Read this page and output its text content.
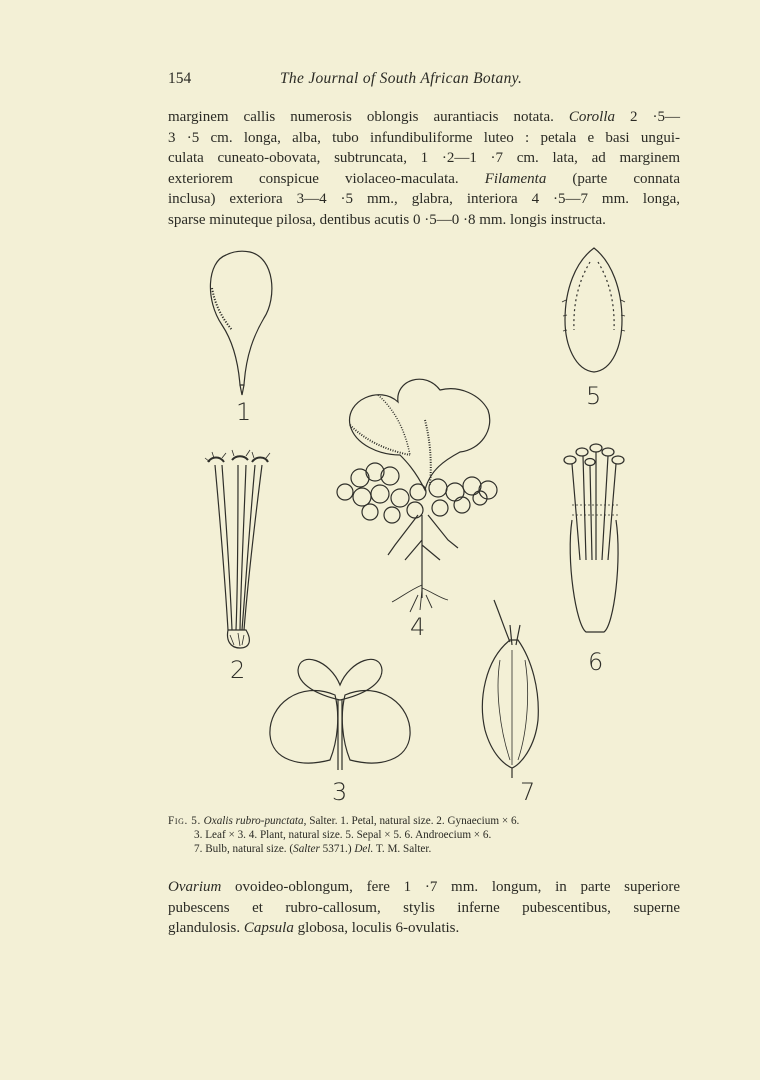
154	The Journal of South African Botany.
marginem callis numerosis oblongis aurantiacis notata. Corolla 2 ·5—
3 ·5 cm. longa, alba, tubo infundibuliforme luteo : petala e basi ungui-
culata cuneato-obovata, subtruncata, 1 ·2—1 ·7 cm. lata, ad marginem
exteriorem conspicue violaceo-maculata. Filamenta (parte connata
inclusa) exteriora 3—4 ·5 mm., glabra, interiora 4 ·5—7 mm. longa,
sparse minuteque pilosa, dentibus acutis 0 ·5—0 ·8 mm. longis instructa.
1
2
3
4
5
6
7
Fig. 5. Oxalis rubro-punctata, Salter. 1. Petal, natural size. 2. Gynaecium × 6.
3. Leaf × 3. 4. Plant, natural size. 5. Sepal × 5. 6. Androecium × 6.
7. Bulb, natural size. (Salter 5371.) Del. T. M. Salter.
Ovarium ovoideo-oblongum, fere 1 ·7 mm. longum, in parte superiore
pubescens et rubro-callosum, stylis inferne pubescentibus, superne
glandulosis. Capsula globosa, loculis 6-ovulatis.
